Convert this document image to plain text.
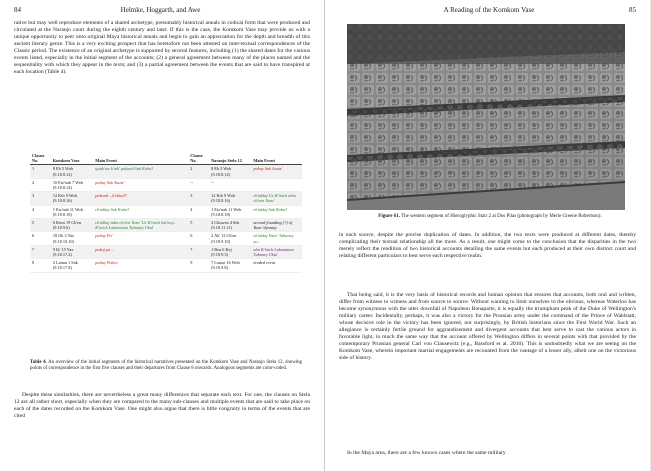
84	Helmke, Hoggarth, and Awe

rative but may well reproduce elements of a shared archetype, presumably historical annals in codical form that were produced and circulated at the Naranjo court during the eighth century and later. If this is the case, the Komkom Vase may provide us with a unique opportunity to peer onto original Maya historical annals and begin to gain an appreciation for the depth and breadth of this ancient literary genre. This is a very exciting prospect that has heretofore not been attested on inter-textual correspondences of the Classic period. The existence of an original archetype is supported by several features, including (1) the shared dates for the various events listed, especially in the initial segment of the accounts; (2) a general agreement between many of the places named and the sequentiality with which they appear in the texts; and (3) a partial agreement between the events that are said to have transpired at each location (Table 4).

Clause No.	Komkom Vase	Main Event	Clause No.	Naranjo Stela 12	Main Event
1	8 Eb 5 Woh (9.18.8.12)	ujatk'ow k'atk' pukand Sak Kolnil	2	8 Eb 5 Woh (9.18.8.12)	puhuy Sak Suutz'
2	10 Etz'nab 7 Woh (9.18.8.14)	puhuy Sak Suutz'	--	--	
3	12 Kib 9 Woh (9.18.8.16)	pukand ...k'ebtud?	3	12 Kib 9 Woh (9.18.8.16)	ch'akkaj Ux K'inich tahn ch'een Yaxa'
4	1 Etz'nab 11 Woh (9.18.8.18)	ch'akkaj Sak Kolnil	4	1 Etz'nab 11 Woh (9.18.8.18)	ch'akkaj Sak Kolnil
5	6 Kimi 19 Ch'en (9.18.9.6)	ch'akkaj tahn ch'een Yaxa' Ux K'inich lok'ooy... K'inich Lakamtuun Tubaney Ukul	5	2 Chuwen 4 Sek (9.18.11.11)	second founding (?) of Yaxa' dynasty
6	10 Ok 3 Yax (9.18.10.10)	puhuy Pa'	6	2 Ak' 13 Ch'en (9.18.9.10)	ch'akkaj Yaxa' Tubaney yo...
7	9 Ik' 15 Yax (9.18.17.2)	pukaj pa ...	7	1 Ben 6 Kej (9.18.9.3)	ahn K'inich Lakamtuun Tubaney Ukul
8	2 Lamat 1 Sak (9.18.17.8)	puhuy Pekon	9	7 Lamat 16 Woh (9.18.9.8)	eroded event
Table 4. An overview of the initial segments of the historical narratives presented on the Komkom Vase and Naranjo Stela 12, showing points of correspondence in the first five clauses and their departures from Clause 8 onwards. Analogous segments are color-coded.

Despite these similarities, there are nevertheless a great many differences that separate each text. For one, the clauses on Stela 12 are all rather short, especially when they are compared to the many sub-clauses and multiple events that are said to take place on each of the dates recorded on the Komkom Vase. One might also argue that there is little congruity in terms of the events that are cited

A Reading of the Komkom Vase	85
Figure 61. The western segment of Hieroglyphic Stair 2 at Dos Pilas (photograph by Merle Greene Robertson).

in each source, despite the precise duplication of dates. In addition, the two texts were produced at different dates, thereby complicating their textual relationship all the more. As a result, one might come to the conclusion that the disparities in the two merely reflect the rendition of two historical accounts detailing the same events but each produced at their own distinct court and relating different particulars to best serve each respective realm.

That being said, it is the very basis of historical records and human opinion that ensures that accounts, both oral and written, differ from witness to witness and from source to source. Without wanting to limit ourselves to the obvious, whereas Waterloo has become synonymous with the utter downfall of Napoleon Bonaparte, it is equally the triumphant peak of the Duke of Wellington's military career. Incidentally, perhaps, it was also a victory for the Prussian army under the command of the Prince of Wahlstatt, whose decisive role in the victory has been ignored, not surprisingly, by British historians since the First World War. Such an allegiance is certainly fertile ground for aggrandizement and divergent accounts that best serve to cast the various actors in favorable light, in much the same way that the account offered by Wellington differs in several points with that provided by the contemporary Prussian general Carl von Clausewitz (e.g., Bassford et al. 2010). This is undoubtedly what we are seeing on the Komkom Vase, wherein important martial engagements are recounted from the vantage of a lesser ally, albeit one on the victorious side of history.

In the Maya area, there are a few known cases where the same military
